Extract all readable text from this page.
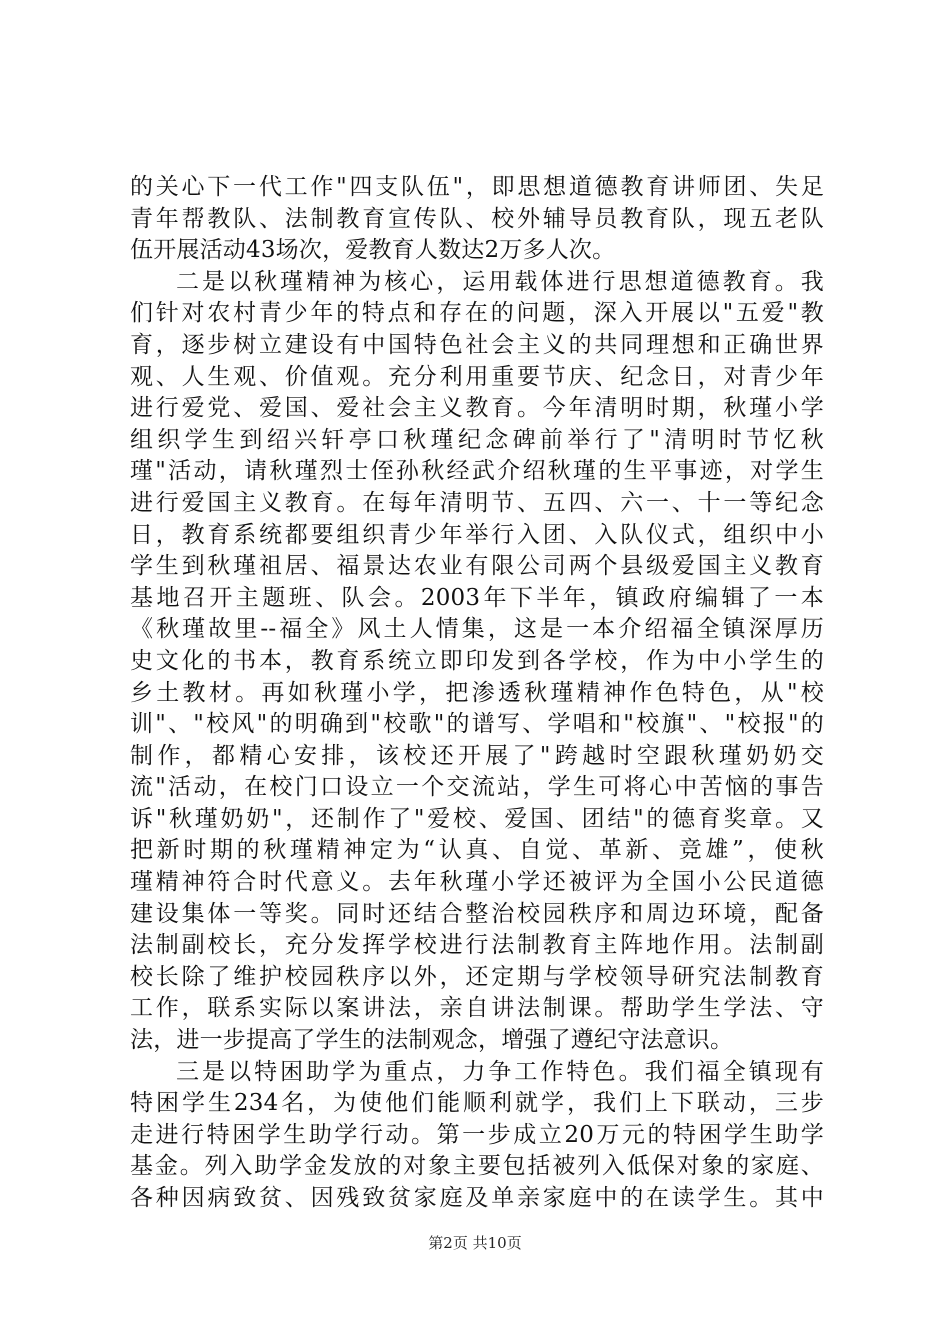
的关心下一代工作"四支队伍"，即思想道德教育讲师团、失足
青年帮教队、法制教育宣传队、校外辅导员教育队，现五老队
伍开展活动43场次，爱教育人数达2万多人次。
二是以秋瑾精神为核心，运用载体进行思想道德教育。我
们针对农村青少年的特点和存在的问题，深入开展以"五爱"教
育，逐步树立建设有中国特色社会主义的共同理想和正确世界
观、人生观、价值观。充分利用重要节庆、纪念日，对青少年
进行爱党、爱国、爱社会主义教育。今年清明时期，秋瑾小学
组织学生到绍兴轩亭口秋瑾纪念碑前举行了"清明时节忆秋
瑾"活动，请秋瑾烈士侄孙秋经武介绍秋瑾的生平事迹，对学生
进行爱国主义教育。在每年清明节、五四、六一、十一等纪念
日，教育系统都要组织青少年举行入团、入队仪式，组织中小
学生到秋瑾祖居、福景达农业有限公司两个县级爱国主义教育
基地召开主题班、队会。2003年下半年，镇政府编辑了一本
《秋瑾故里--福全》风土人情集，这是一本介绍福全镇深厚历
史文化的书本，教育系统立即印发到各学校，作为中小学生的
乡土教材。再如秋瑾小学，把渗透秋瑾精神作色特色，从"校
训"、"校风"的明确到"校歌"的谱写、学唱和"校旗"、"校报"的
制作，都精心安排，该校还开展了"跨越时空跟秋瑾奶奶交
流"活动，在校门口设立一个交流站，学生可将心中苦恼的事告
诉"秋瑾奶奶"，还制作了"爱校、爱国、团结"的德育奖章。又
把新时期的秋瑾精神定为“认真、自觉、革新、竞雄”，使秋
瑾精神符合时代意义。去年秋瑾小学还被评为全国小公民道德
建设集体一等奖。同时还结合整治校园秩序和周边环境，配备
法制副校长，充分发挥学校进行法制教育主阵地作用。法制副
校长除了维护校园秩序以外，还定期与学校领导研究法制教育
工作，联系实际以案讲法，亲自讲法制课。帮助学生学法、守
法，进一步提高了学生的法制观念，增强了遵纪守法意识。
三是以特困助学为重点，力争工作特色。我们福全镇现有
特困学生234名，为使他们能顺利就学，我们上下联动，三步
走进行特困学生助学行动。第一步成立20万元的特困学生助学
基金。列入助学金发放的对象主要包括被列入低保对象的家庭、
各种因病致贫、因残致贫家庭及单亲家庭中的在读学生。其中
第2页 共10页
